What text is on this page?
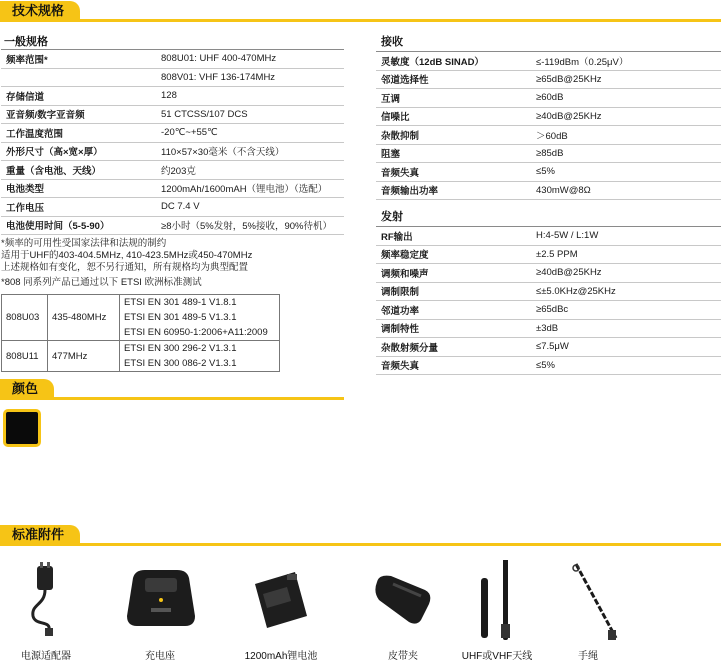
技术规格
一般规格
频率范围*	808U01: UHF 400-470MHz
	808V01: VHF 136-174MHz
存储信道	128
亚音频/数字亚音频	51 CTCSS/107 DCS
工作温度范围	-20℃~+55℃
外形尺寸（高×宽×厚）	110×57×30毫米（不含天线）
重量（含电池、天线）	约203克
电池类型	1200mAh/1600mAH（锂电池）（选配）
工作电压	DC 7.4 V
电池使用时间（5-5-90）	≥8小时（5%发射，5%接收，90%待机）
*频率的可用性受国家法律和法规的制约
适用于UHF的403-404.5MHz, 410-423.5MHz或450-470MHz
上述规格如有变化，恕不另行通知，所有规格均为典型配置
*808 同系列产品已通过以下 ETSI 欧洲标准测试
808U03	435-480MHz	ETSI EN 301 489-1 V1.8.1
ETSI EN 301 489-5 V1.3.1
ETSI EN 60950-1:2006+A11:2009

808U11	477MHz	ETSI EN 300 296-2 V1.3.1
ETSI EN 300 086-2 V1.3.1
接收
灵敏度（12dB SINAD）	≤-119dBm（0.25μV）
邻道选择性	≥65dB@25KHz
互调	≥60dB
信噪比	≥40dB@25KHz
杂散抑制	＞60dB
阻塞	≥85dB
音频失真	≤5%
音频输出功率	430mW@8Ω
发射
RF输出	H:4-5W / L:1W
频率稳定度	±2.5 PPM
调频和噪声	≥40dB@25KHz
调制限制	≤±5.0KHz@25KHz
邻道功率	≥65dBc
调制特性	±3dB
杂散射频分量	≤7.5μW
音频失真	≤5%
颜色
标准附件
电源适配器	充电座	1200mAh锂电池	皮带夹	UHF或VHF天线	手绳
